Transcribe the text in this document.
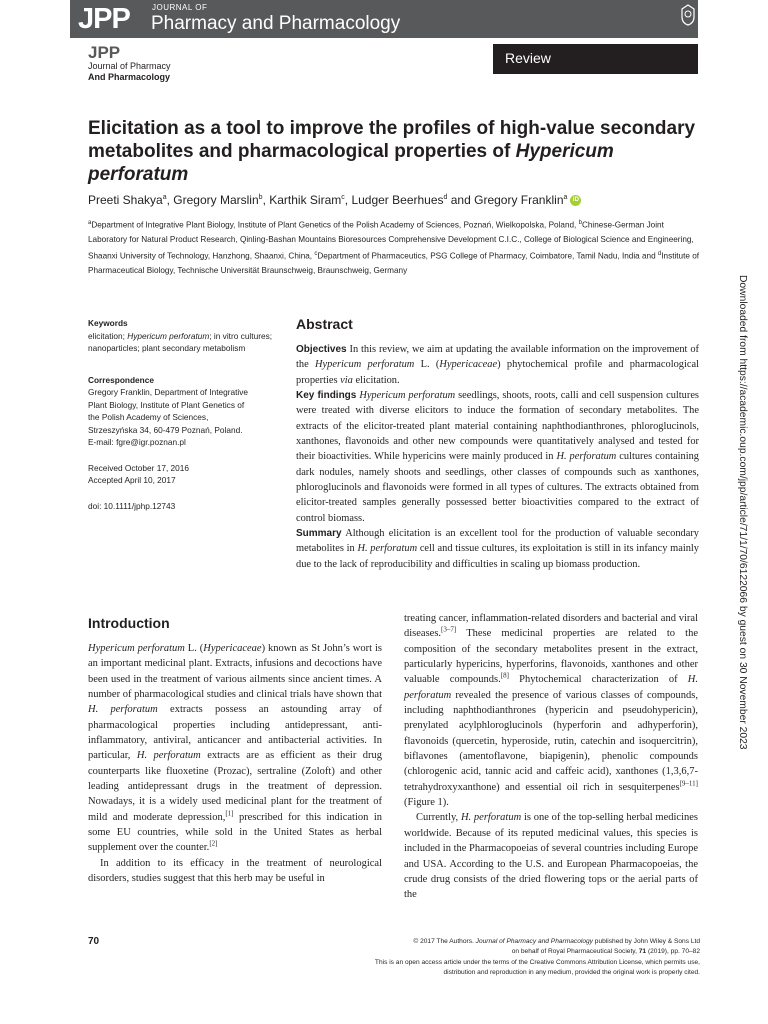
JPP	JOURNAL OF
Pharmacy and Pharmacology	ROYAL
PHARMACEUTICAL
SOCIETY
JPP
Journal of Pharmacy
And Pharmacology
Review
Elicitation as a tool to improve the profiles of high-value secondary metabolites and pharmacological properties of Hypericum perforatum
Preeti Shakya$^a$, Gregory Marslin$^b$, Karthik Siram$^c$, Ludger Beerhues$^d$ and Gregory Franklin$^a$ iD
$^a$Department of Integrative Plant Biology, Institute of Plant Genetics of the Polish Academy of Sciences, Poznań, Wielkopolska, Poland, $^b$Chinese-German Joint Laboratory for Natural Product Research, Qinling-Bashan Mountains Bioresources Comprehensive Development C.I.C., College of Biological Science and Engineering, Shaanxi University of Technology, Hanzhong, Shaanxi, China, $^c$Department of Pharmaceutics, PSG College of Pharmacy, Coimbatore, Tamil Nadu, India and $^d$Institute of Pharmaceutical Biology, Technische Universität Braunschweig, Braunschweig, Germany
Keywords
elicitation; Hypericum perforatum; in vitro cultures; nanoparticles; plant secondary metabolism
Correspondence
Gregory Franklin, Department of Integrative
Plant Biology, Institute of Plant Genetics of
the Polish Academy of Sciences,
Strzeszyńska 34, 60-479 Poznań, Poland.
E-mail: fgre@igr.poznan.pl
Received October 17, 2016
Accepted April 10, 2017
doi: 10.1111/jphp.12743
Abstract

Objectives In this review, we aim at updating the available information on the improvement of the Hypericum perforatum L. (Hypericaceae) phytochemical profile and pharmacological properties via elicitation.

Key findings Hypericum perforatum seedlings, shoots, roots, calli and cell suspension cultures were treated with diverse elicitors to induce the formation of secondary metabolites. The extracts of the elicitor-treated plant material containing naphthodianthrones, phloroglucinols, xanthones, flavonoids and other new compounds were quantitatively analysed and tested for their bioactivities. While hypericins were mainly produced in H. perforatum cultures containing dark nodules, namely shoots and seedlings, other classes of compounds such as xanthones, phloroglucinols and flavonoids were formed in all types of cultures. The extracts obtained from elicitor-treated samples generally possessed better bioactivities compared to the extract of control biomass.

Summary Although elicitation is an excellent tool for the production of valuable secondary metabolites in H. perforatum cell and tissue cultures, its exploitation is still in its infancy mainly due to the lack of reproducibility and difficulties in scaling up biomass production.

Introduction

Hypericum perforatum L. (Hypericaceae) known as St John’s wort is an important medicinal plant. Extracts, infusions and decoctions have been used in the treatment of various ailments since ancient times. A number of pharmacological studies and clinical trials have shown that H. perforatum extracts possess an astounding array of pharmacological properties including antidepressant, anti-inflammatory, antiviral, anticancer and antibacterial activities. In particular, H. perforatum extracts are as efficient as their drug counterparts like fluoxetine (Prozac), sertraline (Zoloft) and other leading antidepressant drugs in the treatment of depression. Nowadays, it is a widely used medicinal plant for the treatment of mild and moderate depression,[1] prescribed for this indication in some EU countries, while sold in the United States as herbal supplement over the counter.[2]

In addition to its efficacy in the treatment of neurological disorders, studies suggest that this herb may be useful in

treating cancer, inflammation-related disorders and bacterial and viral diseases.[3–7] These medicinal properties are related to the composition of the secondary metabolites present in the extract, particularly hypericins, hyperforins, flavonoids, xanthones and other valuable compounds.[8] Phytochemical characterization of H. perforatum revealed the presence of various classes of compounds, including naphthodianthrones (hypericin and pseudohypericin), prenylated acylphloroglucinols (hyperforin and adhyperforin), flavonoids (quercetin, hyperoside, rutin, catechin and isoquercitrin), biflavones (amentoflavone, biapigenin), phenolic compounds (chlorogenic acid, tannic acid and caffeic acid), xanthones (1,3,6,7-tetrahydroxyxanthone) and essential oil rich in sesquiterpenes[9–11] (Figure 1).

Currently, H. perforatum is one of the top-selling herbal medicines worldwide. Because of its reputed medicinal values, this species is included in the Pharmacopoeias of several countries including Europe and USA. According to the U.S. and European Pharmacopoeias, the crude drug consists of the dried flowering tops or the aerial parts of the

70	© 2017 The Authors. Journal of Pharmacy and Pharmacology published by John Wiley & Sons Ltd
on behalf of Royal Pharmaceutical Society, 71 (2019), pp. 70–82
This is an open access article under the terms of the Creative Commons Attribution License, which permits use,
distribution and reproduction in any medium, provided the original work is properly cited.
Downloaded from https://academic.oup.com/jpp/article/71/1/70/6122066 by guest on 30 November 2023
